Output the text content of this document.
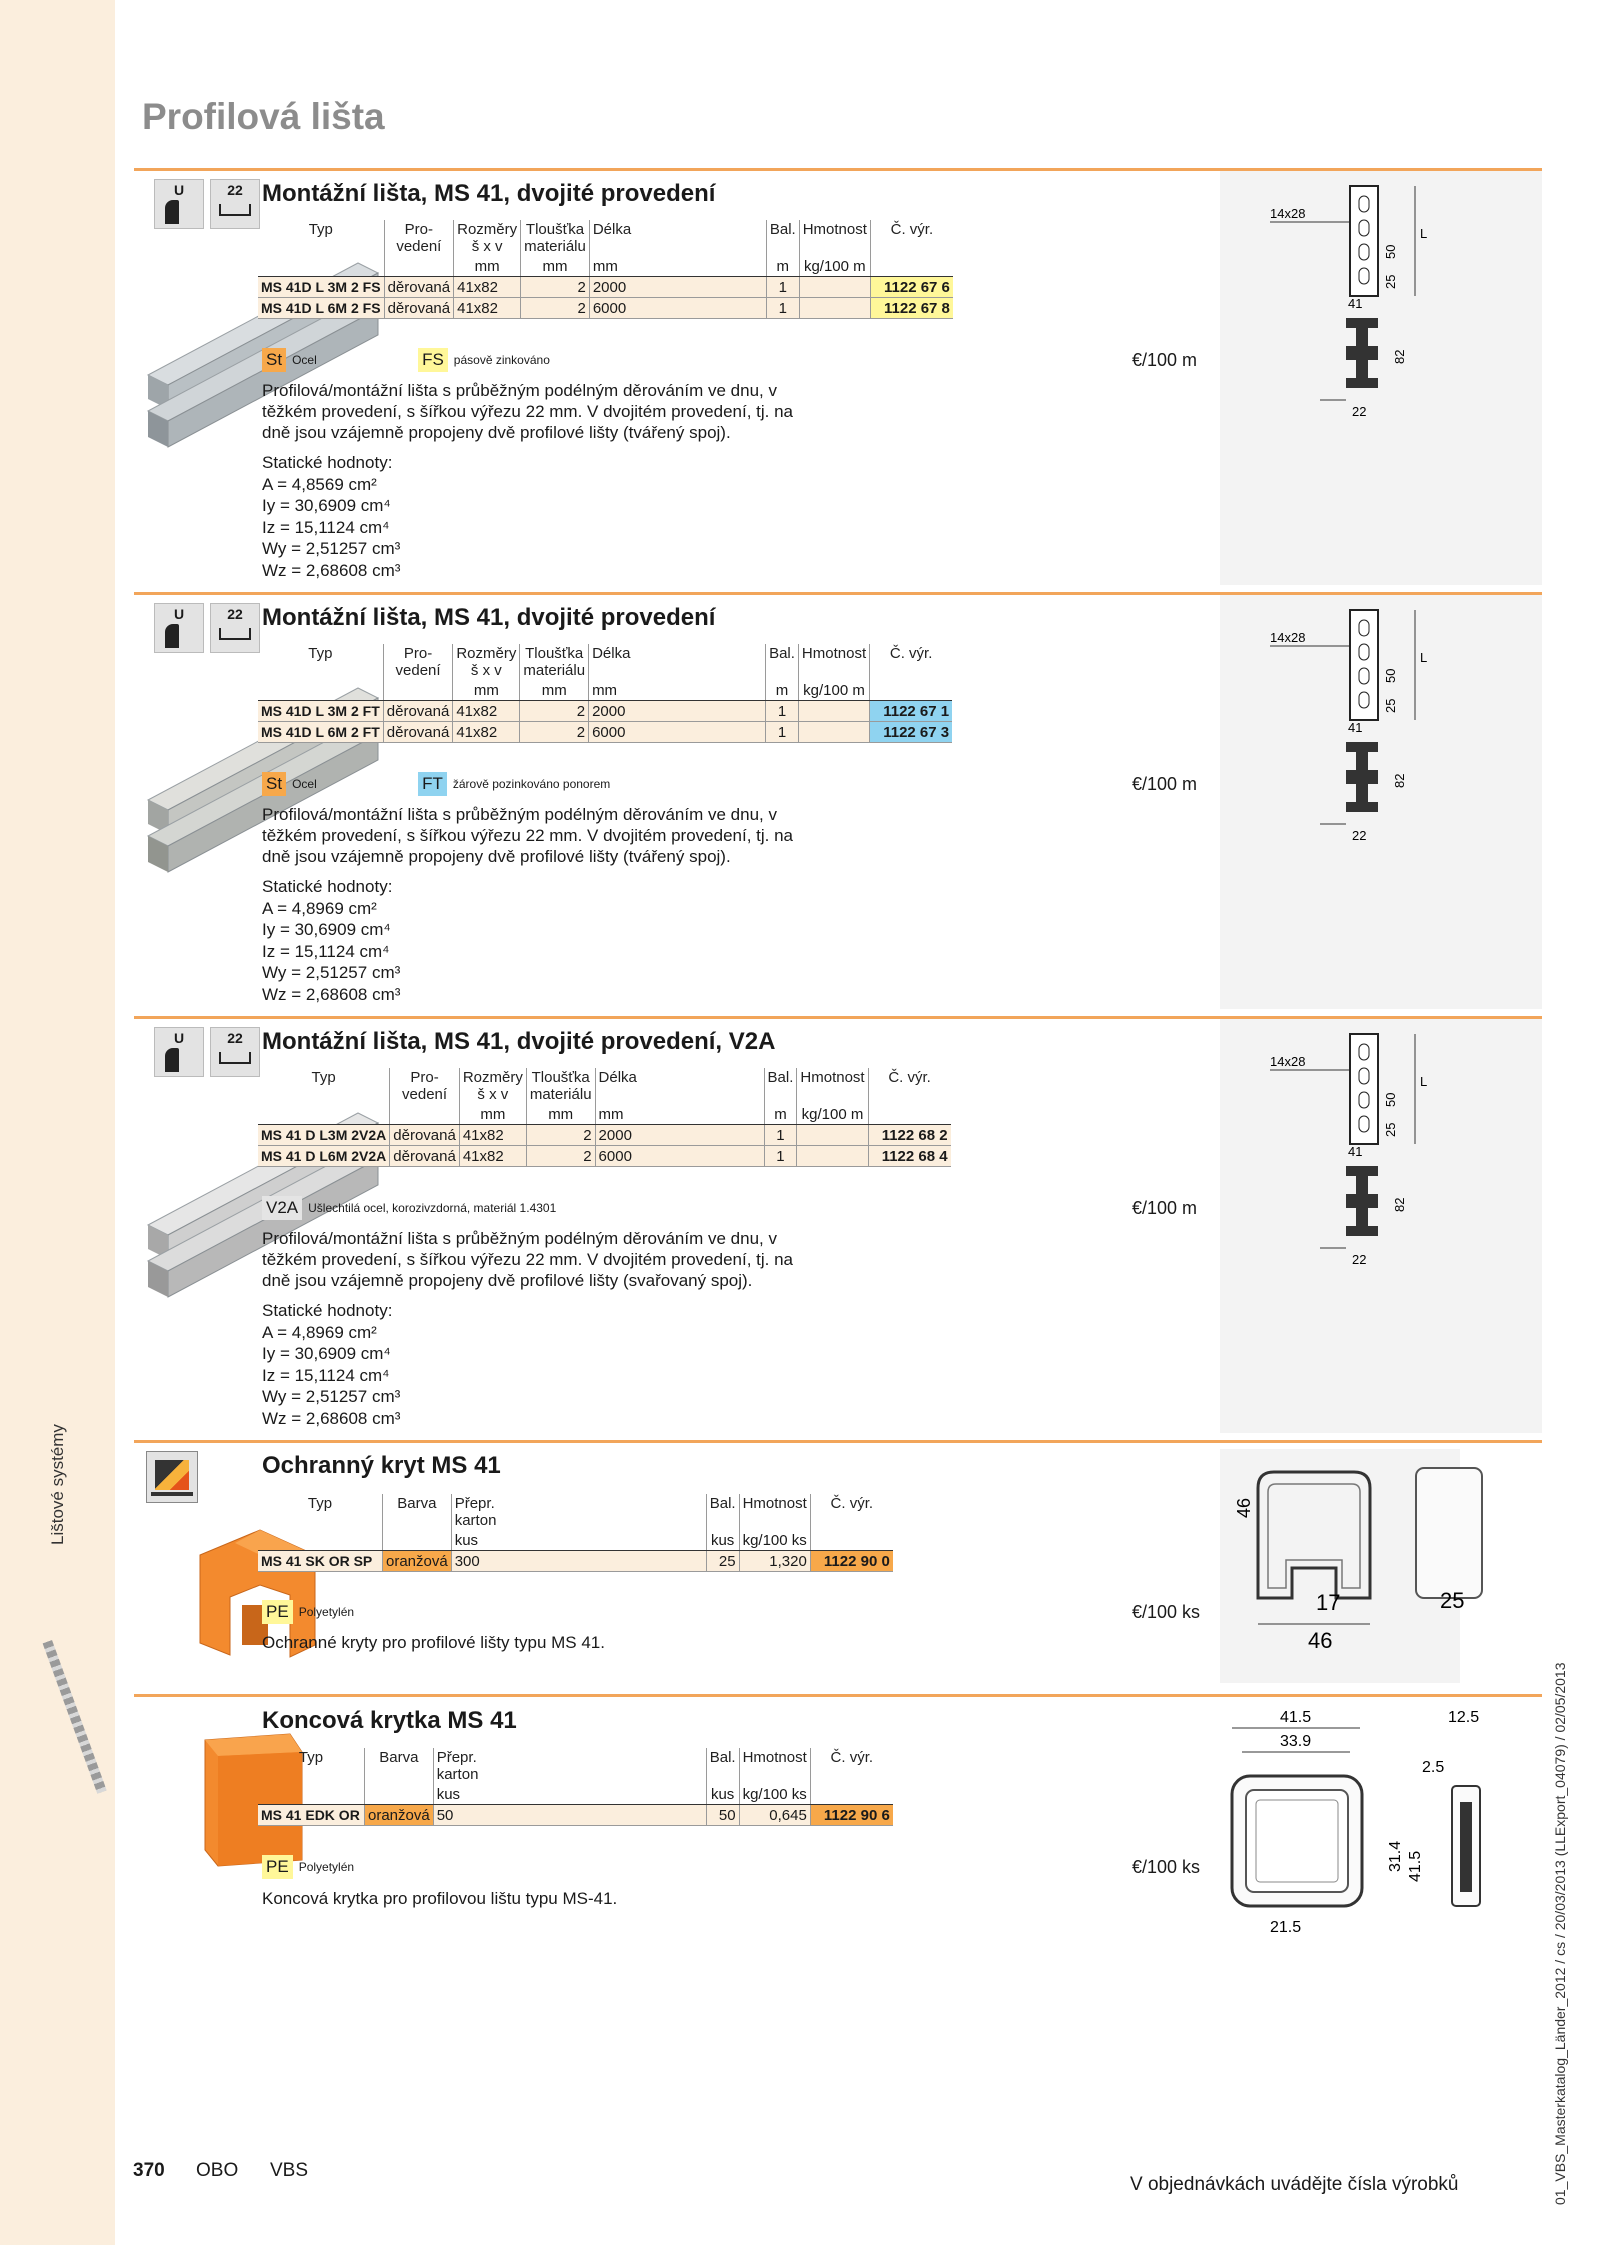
Profilová lišta
Lištové systémy
01_VBS_Masterkatalog_Länder_2012 / cs / 20/03/2013 (LLExport_04079) / 02/05/2013
U	22 Montážní lišta, MS 41, dvojité provedení
Typ	Pro-
vedení	Rozměry
š x v	Tloušťka
materiálu	Délka	Bal.	Hmotnost	Č. výr.
		mm	mm	mm	m	kg/100 m	
MS 41D L 3M 2 FS	děrovaná	41x82	2	2000	1		1122 67 6
MS 41D L 6M 2 FS	děrovaná	41x82	2	6000	1		1122 67 8
St Ocel	FS pásově zinkováno	€/100 m
Profilová/montážní lišta s průběžným podélným děrováním ve dnu, v těžkém provedení, s šířkou výřezu 22 mm. V dvojitém provedení, tj. na dně jsou vzájemně propojeny dvě profilové lišty (tvářený spoj).
Statické hodnoty:
A = 4,8569 cm²
Iy = 30,6909 cm⁴
Iz = 15,1124 cm⁴
Wy = 2,51257 cm³
Wz = 2,68608 cm³
14x28
L
25
50
41
82
22
U	22 Montážní lišta, MS 41, dvojité provedení
Typ	Pro-
vedení	Rozměry
š x v	Tloušťka
materiálu	Délka	Bal.	Hmotnost	Č. výr.
		mm	mm	mm	m	kg/100 m	
MS 41D L 3M 2 FT	děrovaná	41x82	2	2000	1		1122 67 1
MS 41D L 6M 2 FT	děrovaná	41x82	2	6000	1		1122 67 3
St Ocel	FT žárově pozinkováno ponorem	€/100 m
Profilová/montážní lišta s průběžným podélným děrováním ve dnu, v těžkém provedení, s šířkou výřezu 22 mm. V dvojitém provedení, tj. na dně jsou vzájemně propojeny dvě profilové lišty (tvářený spoj).
Statické hodnoty:
A = 4,8969 cm²
Iy = 30,6909 cm⁴
Iz = 15,1124 cm⁴
Wy = 2,51257 cm³
Wz = 2,68608 cm³
14x28
L
25
50
41
82
22
U	22 Montážní lišta, MS 41, dvojité provedení, V2A
Typ	Pro-
vedení	Rozměry
š x v	Tloušťka
materiálu	Délka	Bal.	Hmotnost	Č. výr.
		mm	mm	mm	m	kg/100 m	
MS 41 D L3M 2V2A	děrovaná	41x82	2	2000	1		1122 68 2
MS 41 D L6M 2V2A	děrovaná	41x82	2	6000	1		1122 68 4
V2A Ušlechtilá ocel, korozivzdorná, materiál 1.4301	€/100 m
Profilová/montážní lišta s průběžným podélným děrováním ve dnu, v těžkém provedení, s šířkou výřezu 22 mm. V dvojitém provedení, tj. na dně jsou vzájemně propojeny dvě profilové lišty (svařovaný spoj).
Statické hodnoty:
A = 4,8969 cm²
Iy = 30,6909 cm⁴
Iz = 15,1124 cm⁴
Wy = 2,51257 cm³
Wz = 2,68608 cm³
14x28
L
25
50
41
82
22
Ochranný kryt MS 41
Typ	Barva	Přepr.
karton	Bal.	Hmotnost	Č. výr.
		kus	kus	kg/100 ks	
MS 41 SK OR SP	oranžová	300	25	1,320	1122 90 0
PE Polyetylén	€/100 ks
Ochranné kryty pro profilové lišty typu MS 41.
46
17
46
25
Koncová krytka MS 41
Typ	Barva	Přepr.
karton	Bal.	Hmotnost	Č. výr.
		kus	kus	kg/100 ks	
MS 41 EDK OR	oranžová	50	50	0,645	1122 90 6
PE Polyetylén	€/100 ks
Koncová krytka pro profilovou lištu typu MS-41.
41.5
33.9
31.4 41.5
21.5
12.5
2.5
370 OBO VBS
V objednávkách uvádějte čísla výrobků
